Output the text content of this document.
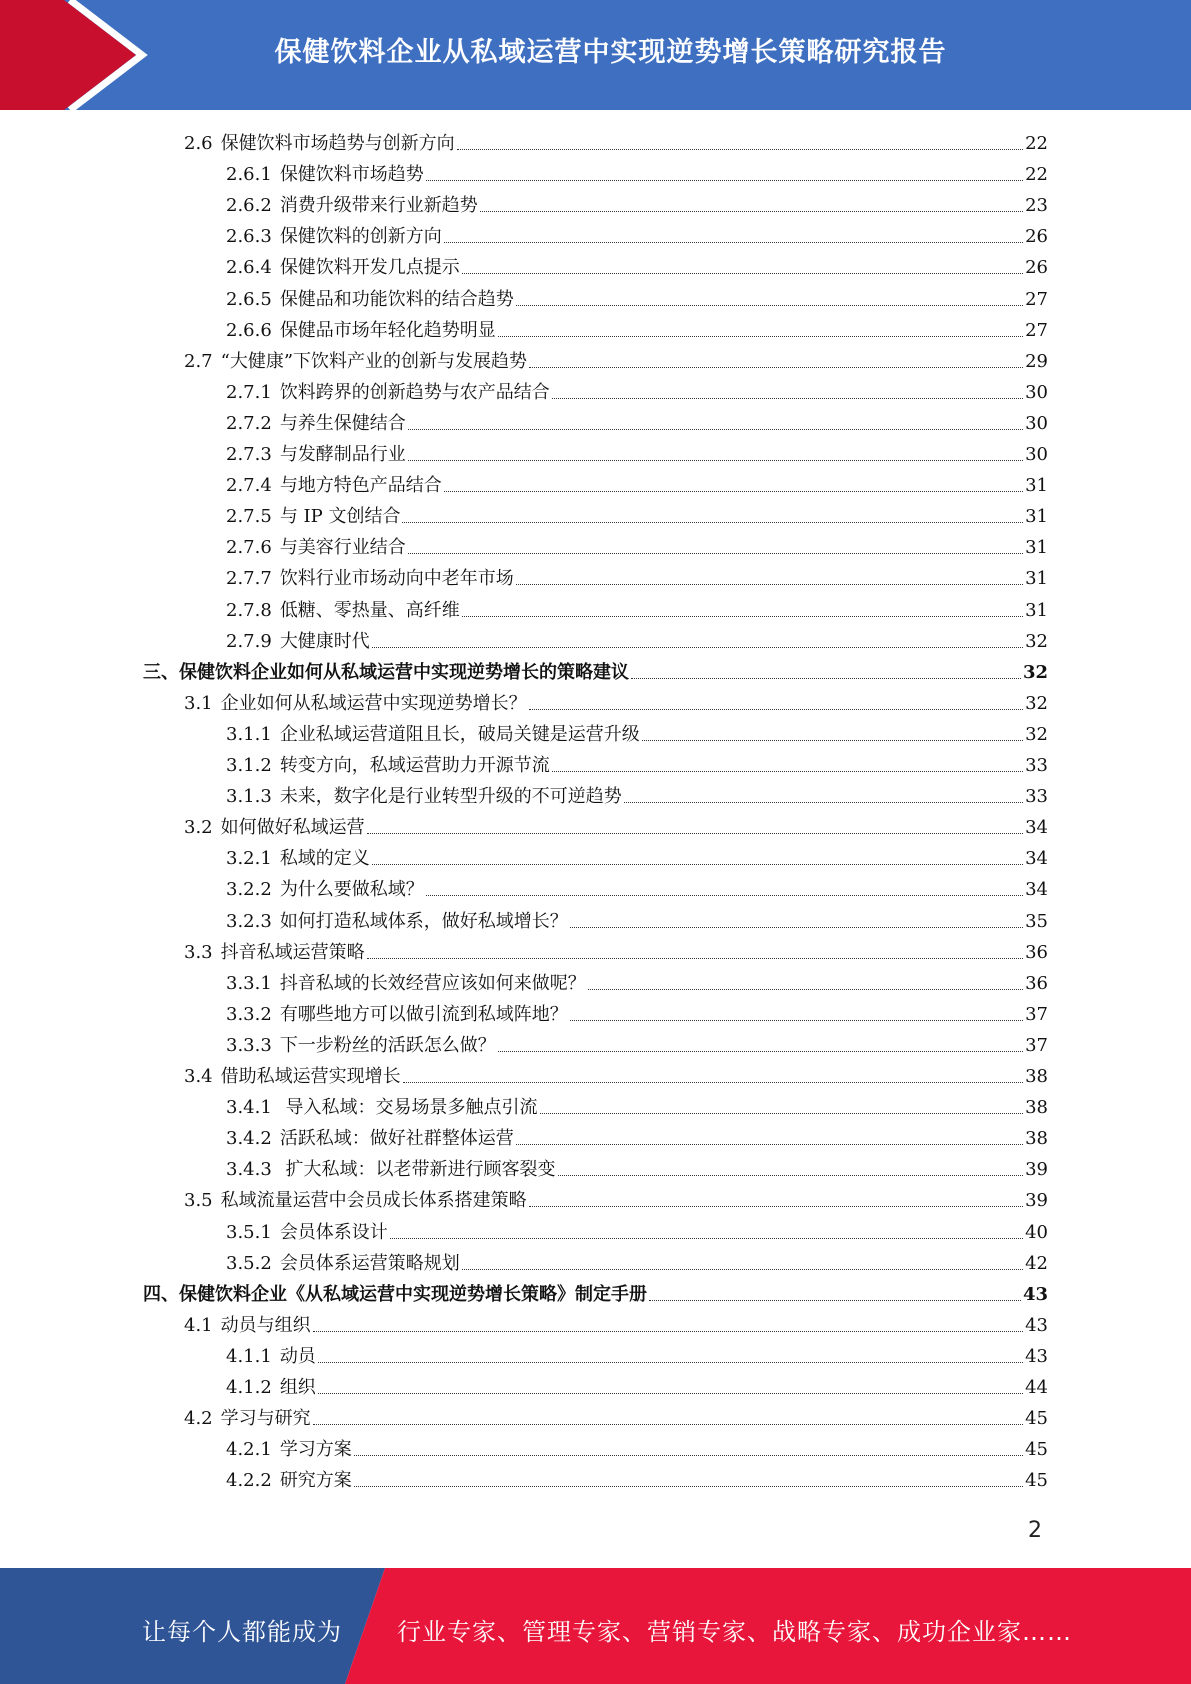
保健饮料企业从私域运营中实现逆势增长策略研究报告
2.6 保健饮料市场趋势与创新方向	22
2.6.1 保健饮料市场趋势	22
2.6.2 消费升级带来行业新趋势	23
2.6.3 保健饮料的创新方向	26
2.6.4 保健饮料开发几点提示	26
2.6.5 保健品和功能饮料的结合趋势	27
2.6.6 保健品市场年轻化趋势明显	27
2.7 “大健康”下饮料产业的创新与发展趋势	29
2.7.1 饮料跨界的创新趋势与农产品结合	30
2.7.2 与养生保健结合	30
2.7.3 与发酵制品行业	30
2.7.4 与地方特色产品结合	31
2.7.5 与 IP 文创结合	31
2.7.6 与美容行业结合	31
2.7.7 饮料行业市场动向中老年市场	31
2.7.8 低糖、零热量、高纤维	31
2.7.9 大健康时代	32
三、 保健饮料企业如何从私域运营中实现逆势增长的策略建议	32
3.1 企业如何从私域运营中实现逆势增长？	32
3.1.1 企业私域运营道阻且长，破局关键是运营升级	32
3.1.2 转变方向，私域运营助力开源节流	33
3.1.3 未来，数字化是行业转型升级的不可逆趋势	33
3.2 如何做好私域运营	34
3.2.1 私域的定义	34
3.2.2 为什么要做私域？	34
3.2.3 如何打造私域体系，做好私域增长？	35
3.3 抖音私域运营策略	36
3.3.1 抖音私域的长效经营应该如何来做呢？	36
3.3.2 有哪些地方可以做引流到私域阵地？	37
3.3.3 下一步粉丝的活跃怎么做？	37
3.4 借助私域运营实现增长	38
3.4.1 导入私域：交易场景多触点引流	38
3.4.2 活跃私域：做好社群整体运营	38
3.4.3 扩大私域：以老带新进行顾客裂变	39
3.5 私域流量运营中会员成长体系搭建策略	39
3.5.1 会员体系设计	40
3.5.2 会员体系运营策略规划	42
四、 保健饮料企业《从私域运营中实现逆势增长策略》制定手册	43
4.1 动员与组织	43
4.1.1 动员	43
4.1.2 组织	44
4.2 学习与研究	45
4.2.1 学习方案	45
4.2.2 研究方案	45
2
让每个人都能成为 行业专家、管理专家、营销专家、战略专家、成功企业家……
